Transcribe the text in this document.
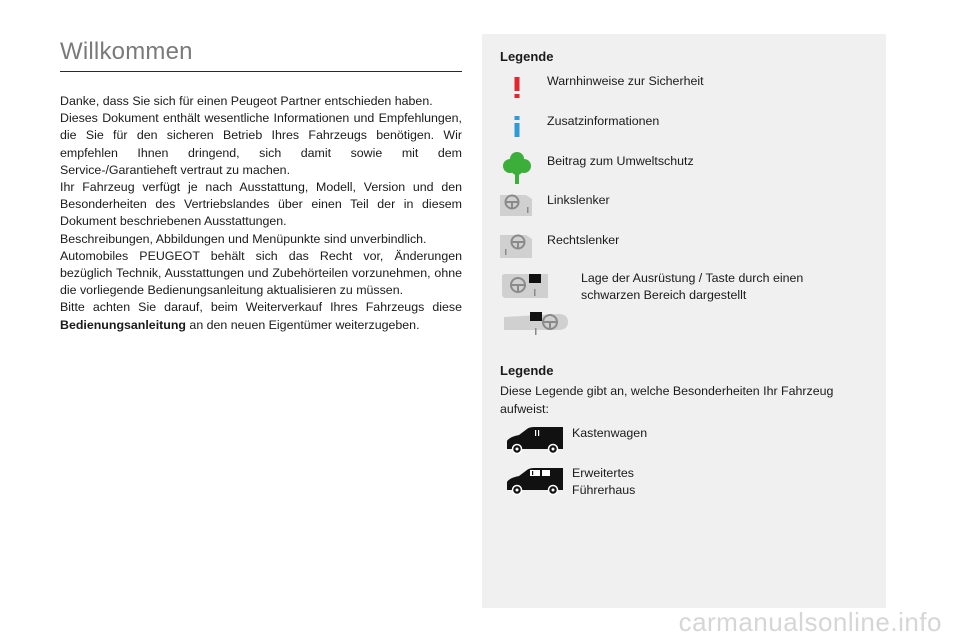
Willkommen

Danke, dass Sie sich für einen Peugeot Partner entschieden haben.

Dieses Dokument enthält wesentliche Informationen und Empfehlungen, die Sie für den sicheren Betrieb Ihres Fahrzeugs benötigen. Wir empfehlen Ihnen dringend, sich damit sowie mit dem Service-/Garantieheft vertraut zu machen.

Ihr Fahrzeug verfügt je nach Ausstattung, Modell, Version und den Besonderheiten des Vertriebslandes über einen Teil der in diesem Dokument beschriebenen Ausstattungen.

Beschreibungen, Abbildungen und Menüpunkte sind unverbindlich.

Automobiles PEUGEOT behält sich das Recht vor, Änderungen bezüglich Technik, Ausstattungen und Zubehörteilen vorzunehmen, ohne die vorliegende Bedienungsanleitung aktualisieren zu müssen.

Bitte achten Sie darauf, beim Weiterverkauf Ihres Fahrzeugs diese Bedienungsanleitung an den neuen Eigentümer weiterzugeben.

Legende
Warnhinweise zur Sicherheit
Zusatzinformationen
Beitrag zum Umweltschutz
Linkslenker
Rechtslenker
Lage der Ausrüstung / Taste durch einen
schwarzen Bereich dargestellt
Legende
Diese Legende gibt an, welche Besonderheiten Ihr Fahrzeug aufweist:
Kastenwagen
Erweitertes
Führerhaus
carmanualsonline.info
